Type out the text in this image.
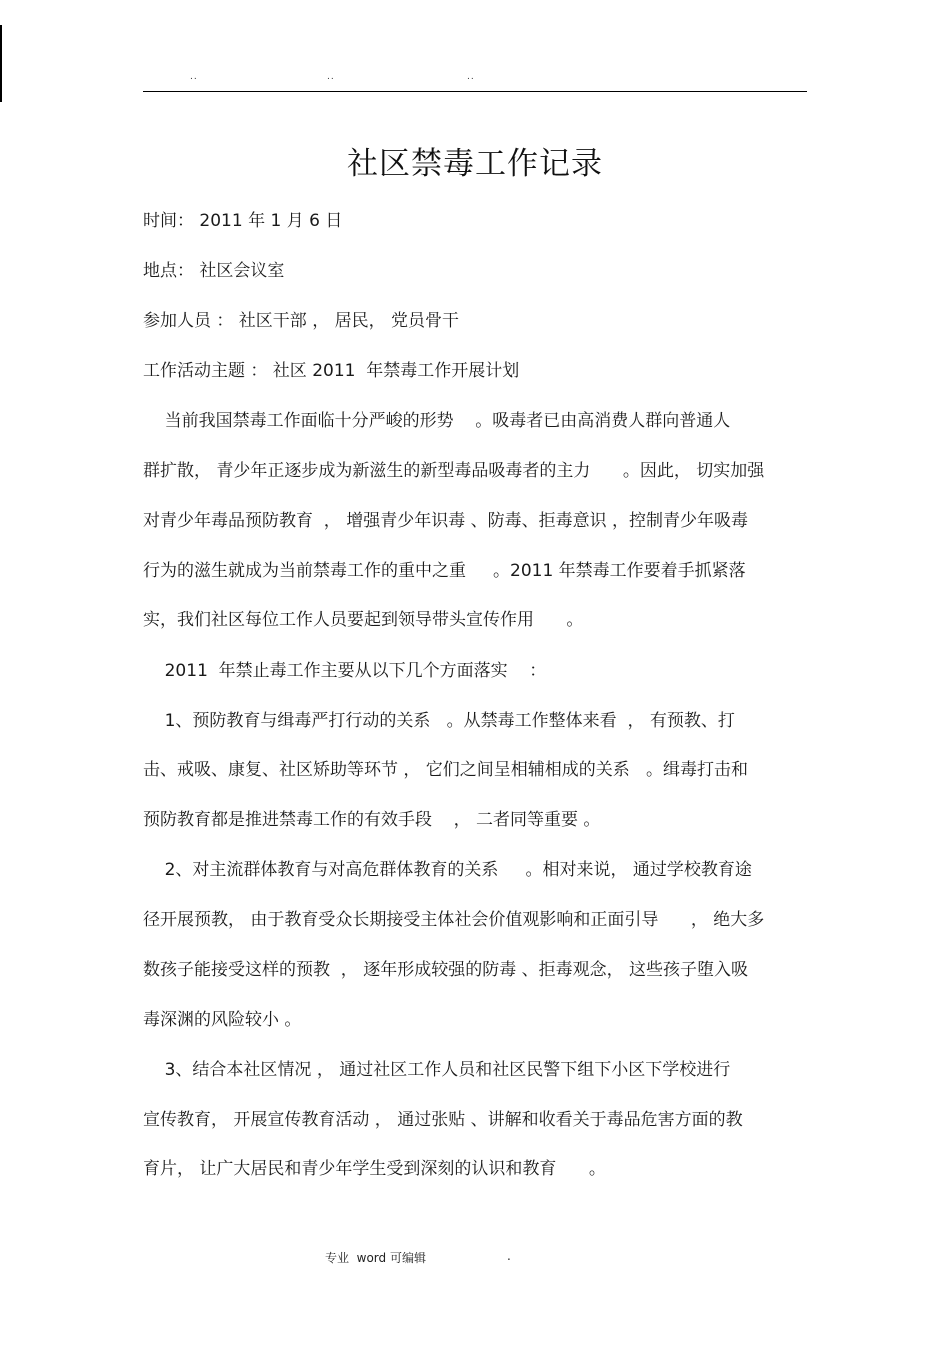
..	..	..
社区禁毒工作记录
时间： 2011 年 1 月 6 日
地点： 社区会议室
参加人员 ： 社区干部 ， 居民， 党员骨干
工作活动主题 ： 社区 2011  年禁毒工作开展计划
当前我国禁毒工作面临十分严峻的形势    。吸毒者已由高消费人群向普通人
群扩散， 青少年正逐步成为新滋生的新型毒品吸毒者的主力      。因此， 切实加强
对青少年毒品预防教育  ， 增强青少年识毒 、防毒、拒毒意识 ，控制青少年吸毒
行为的滋生就成为当前禁毒工作的重中之重     。2011 年禁毒工作要着手抓紧落
实，我们社区每位工作人员要起到领导带头宣传作用      。
2011  年禁止毒工作主要从以下几个方面落实    ：
1、预防教育与缉毒严打行动的关系   。从禁毒工作整体来看  ， 有预教、打
击、戒吸、康复、社区矫助等环节 ， 它们之间呈相辅相成的关系   。缉毒打击和
预防教育都是推进禁毒工作的有效手段    ， 二者同等重要 。
2、对主流群体教育与对高危群体教育的关系     。相对来说， 通过学校教育途
径开展预教， 由于教育受众长期接受主体社会价值观影响和正面引导      ， 绝大多
数孩子能接受这样的预教  ， 逐年形成较强的防毒 、拒毒观念， 这些孩子堕入吸
毒深渊的风险较小 。
3、结合本社区情况 ， 通过社区工作人员和社区民警下组下小区下学校进行
宣传教育， 开展宣传教育活动 ， 通过张贴 、讲解和收看关于毒品危害方面的教
育片， 让广大居民和青少年学生受到深刻的认识和教育      。
专业  word 可编辑	.
